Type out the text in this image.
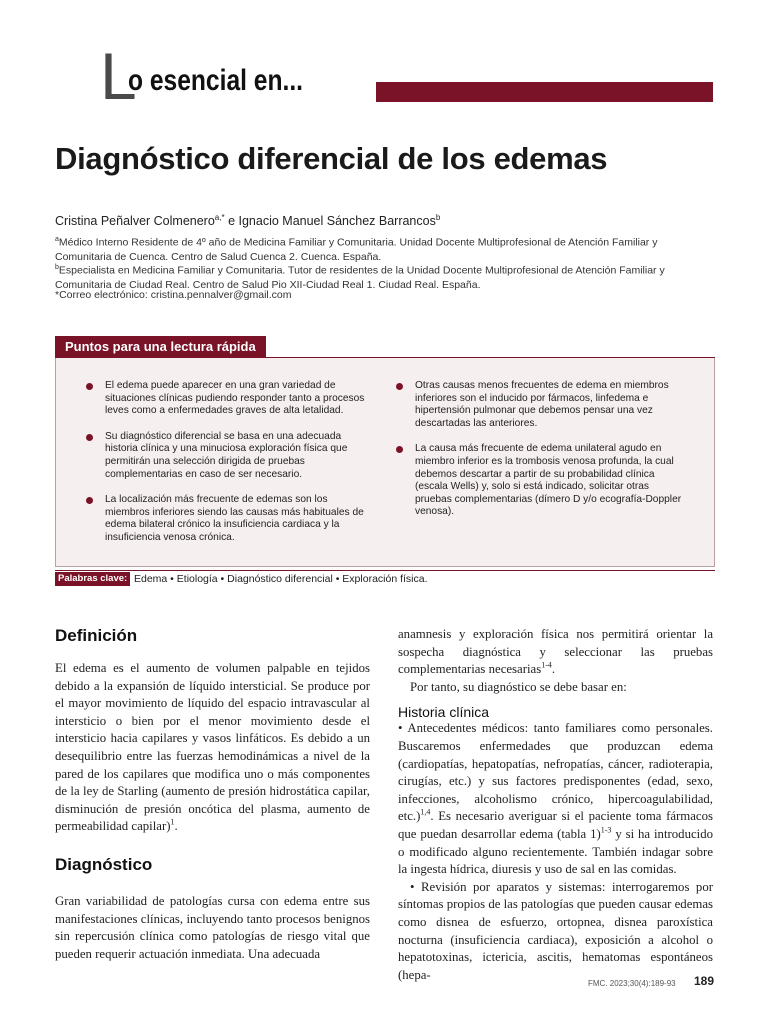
L
o esencial en...
Diagnóstico diferencial de los edemas
Cristina Peñalver Colmenero$^{a,*}$ e Ignacio Manuel Sánchez Barrancos$^b$
$^a$Médico Interno Residente de 4º año de Medicina Familiar y Comunitaria. Unidad Docente Multiprofesional de Atención Familiar y Comunitaria de Cuenca. Centro de Salud Cuenca 2. Cuenca. España.
$^b$Especialista en Medicina Familiar y Comunitaria. Tutor de residentes de la Unidad Docente Multiprofesional de Atención Familiar y Comunitaria de Ciudad Real. Centro de Salud Pio XII-Ciudad Real 1. Ciudad Real. España.
*Correo electrónico: cristina.pennalver@gmail.com
Puntos para una lectura rápida
El edema puede aparecer en una gran variedad de situaciones clínicas pudiendo responder tanto a procesos leves como a enfermedades graves de alta letalidad.
Su diagnóstico diferencial se basa en una adecuada historia clínica y una minuciosa exploración física que permitirán una selección dirigida de pruebas complementarias en caso de ser necesario.
La localización más frecuente de edemas son los miembros inferiores siendo las causas más habituales de edema bilateral crónico la insuficiencia cardiaca y la insuficiencia venosa crónica.
Otras causas menos frecuentes de edema en miembros inferiores son el inducido por fármacos, linfedema e hipertensión pulmonar que debemos pensar una vez descartadas las anteriores.
La causa más frecuente de edema unilateral agudo en miembro inferior es la trombosis venosa profunda, la cual debemos descartar a partir de su probabilidad clínica (escala Wells) y, solo si está indicado, solicitar otras pruebas complementarias (dímero D y/o ecografía-Doppler venosa).
Palabras clave: Edema • Etiología • Diagnóstico diferencial • Exploración física.
Definición
El edema es el aumento de volumen palpable en tejidos debido a la expansión de líquido intersticial. Se produce por el mayor movimiento de líquido del espacio intravascular al intersticio o bien por el menor movimiento desde el intersticio hacia capilares y vasos linfáticos. Es debido a un desequilibrio entre las fuerzas hemodinámicas a nivel de la pared de los capilares que modifica uno o más componentes de la ley de Starling (aumento de presión hidrostática capilar, disminución de presión oncótica del plasma, aumento de permeabilidad capilar)$^1$.
Diagnóstico
Gran variabilidad de patologías cursa con edema entre sus manifestaciones clínicas, incluyendo tanto procesos benignos sin repercusión clínica como patologías de riesgo vital que pueden requerir actuación inmediata. Una adecuada
anamnesis y exploración física nos permitirá orientar la sospecha diagnóstica y seleccionar las pruebas complementarias necesarias$^{1-4}$.
Por tanto, su diagnóstico se debe basar en:
Historia clínica
• Antecedentes médicos: tanto familiares como personales. Buscaremos enfermedades que produzcan edema (cardiopatías, hepatopatías, nefropatías, cáncer, radioterapia, cirugías, etc.) y sus factores predisponentes (edad, sexo, infecciones, alcoholismo crónico, hipercoagulabilidad, etc.)$^{1,4}$. Es necesario averiguar si el paciente toma fármacos que puedan desarrollar edema (tabla 1)$^{1-3}$ y si ha introducido o modificado alguno recientemente. También indagar sobre la ingesta hídrica, diuresis y uso de sal en las comidas.
• Revisión por aparatos y sistemas: interrogaremos por síntomas propios de las patologías que pueden causar edemas como disnea de esfuerzo, ortopnea, disnea paroxística nocturna (insuficiencia cardiaca), exposición a alcohol o hepatotoxinas, ictericia, ascitis, hematomas espontáneos (hepa-
FMC. 2023;30(4):189-93 189
